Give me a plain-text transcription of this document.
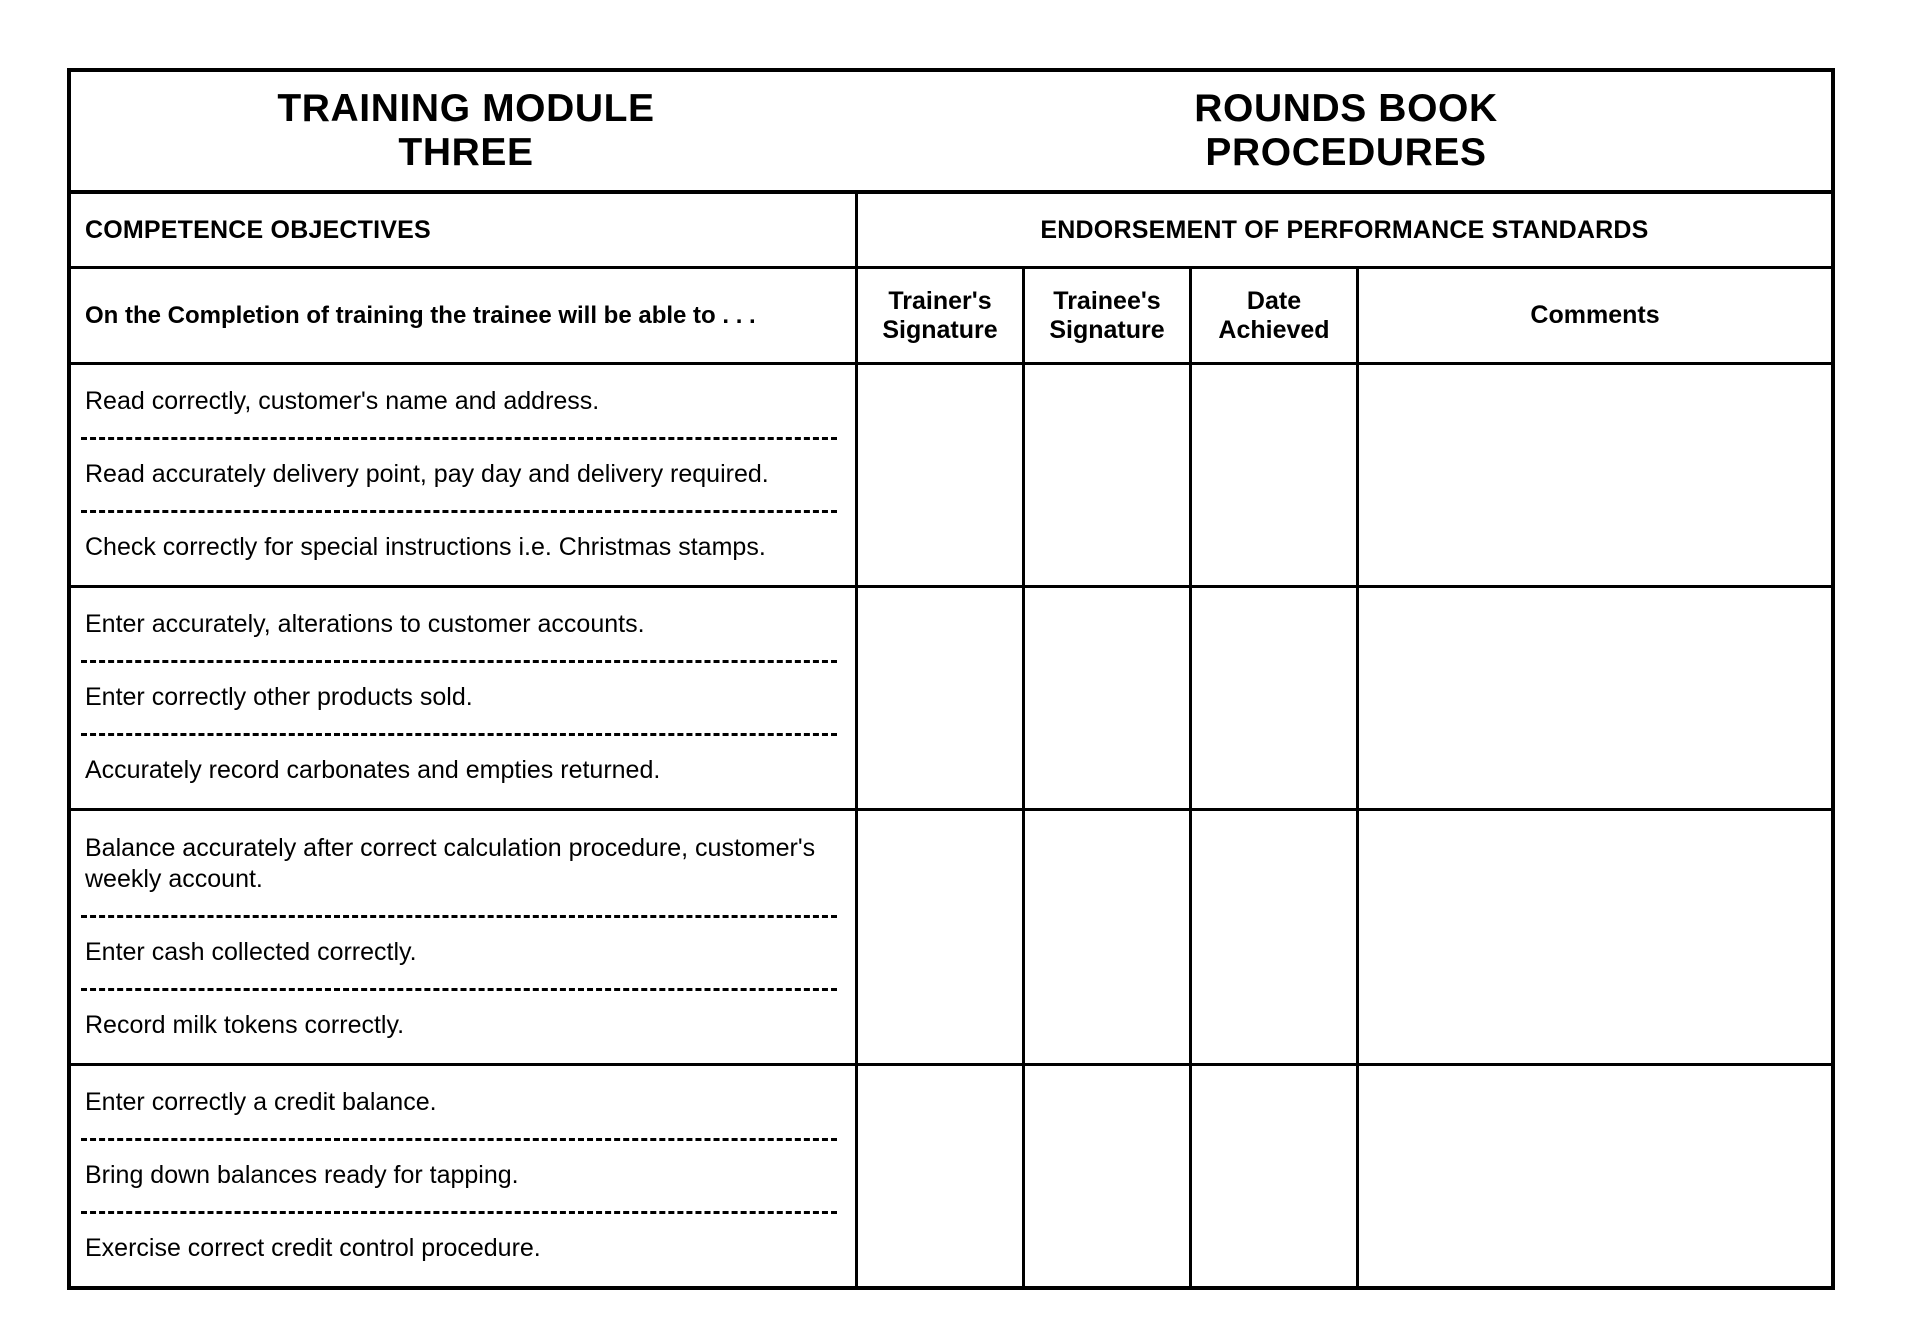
TRAINING MODULE
THREE
ROUNDS BOOK
PROCEDURES
COMPETENCE OBJECTIVES	ENDORSEMENT OF PERFORMANCE STANDARDS
On the Completion of training the trainee will be able to . . .
Trainer's
Signature
Trainee's
Signature
Date
Achieved
Comments
Read correctly, customer's name and address.
Read accurately delivery point, pay day and delivery required.
Check correctly for special instructions i.e. Christmas stamps.
Enter accurately, alterations to customer accounts.
Enter correctly other products sold.
Accurately record carbonates and empties returned.
Balance accurately after correct calculation procedure, customer's weekly account.
Enter cash collected correctly.
Record milk tokens correctly.
Enter correctly a credit balance.
Bring down balances ready for tapping.
Exercise correct credit control procedure.
